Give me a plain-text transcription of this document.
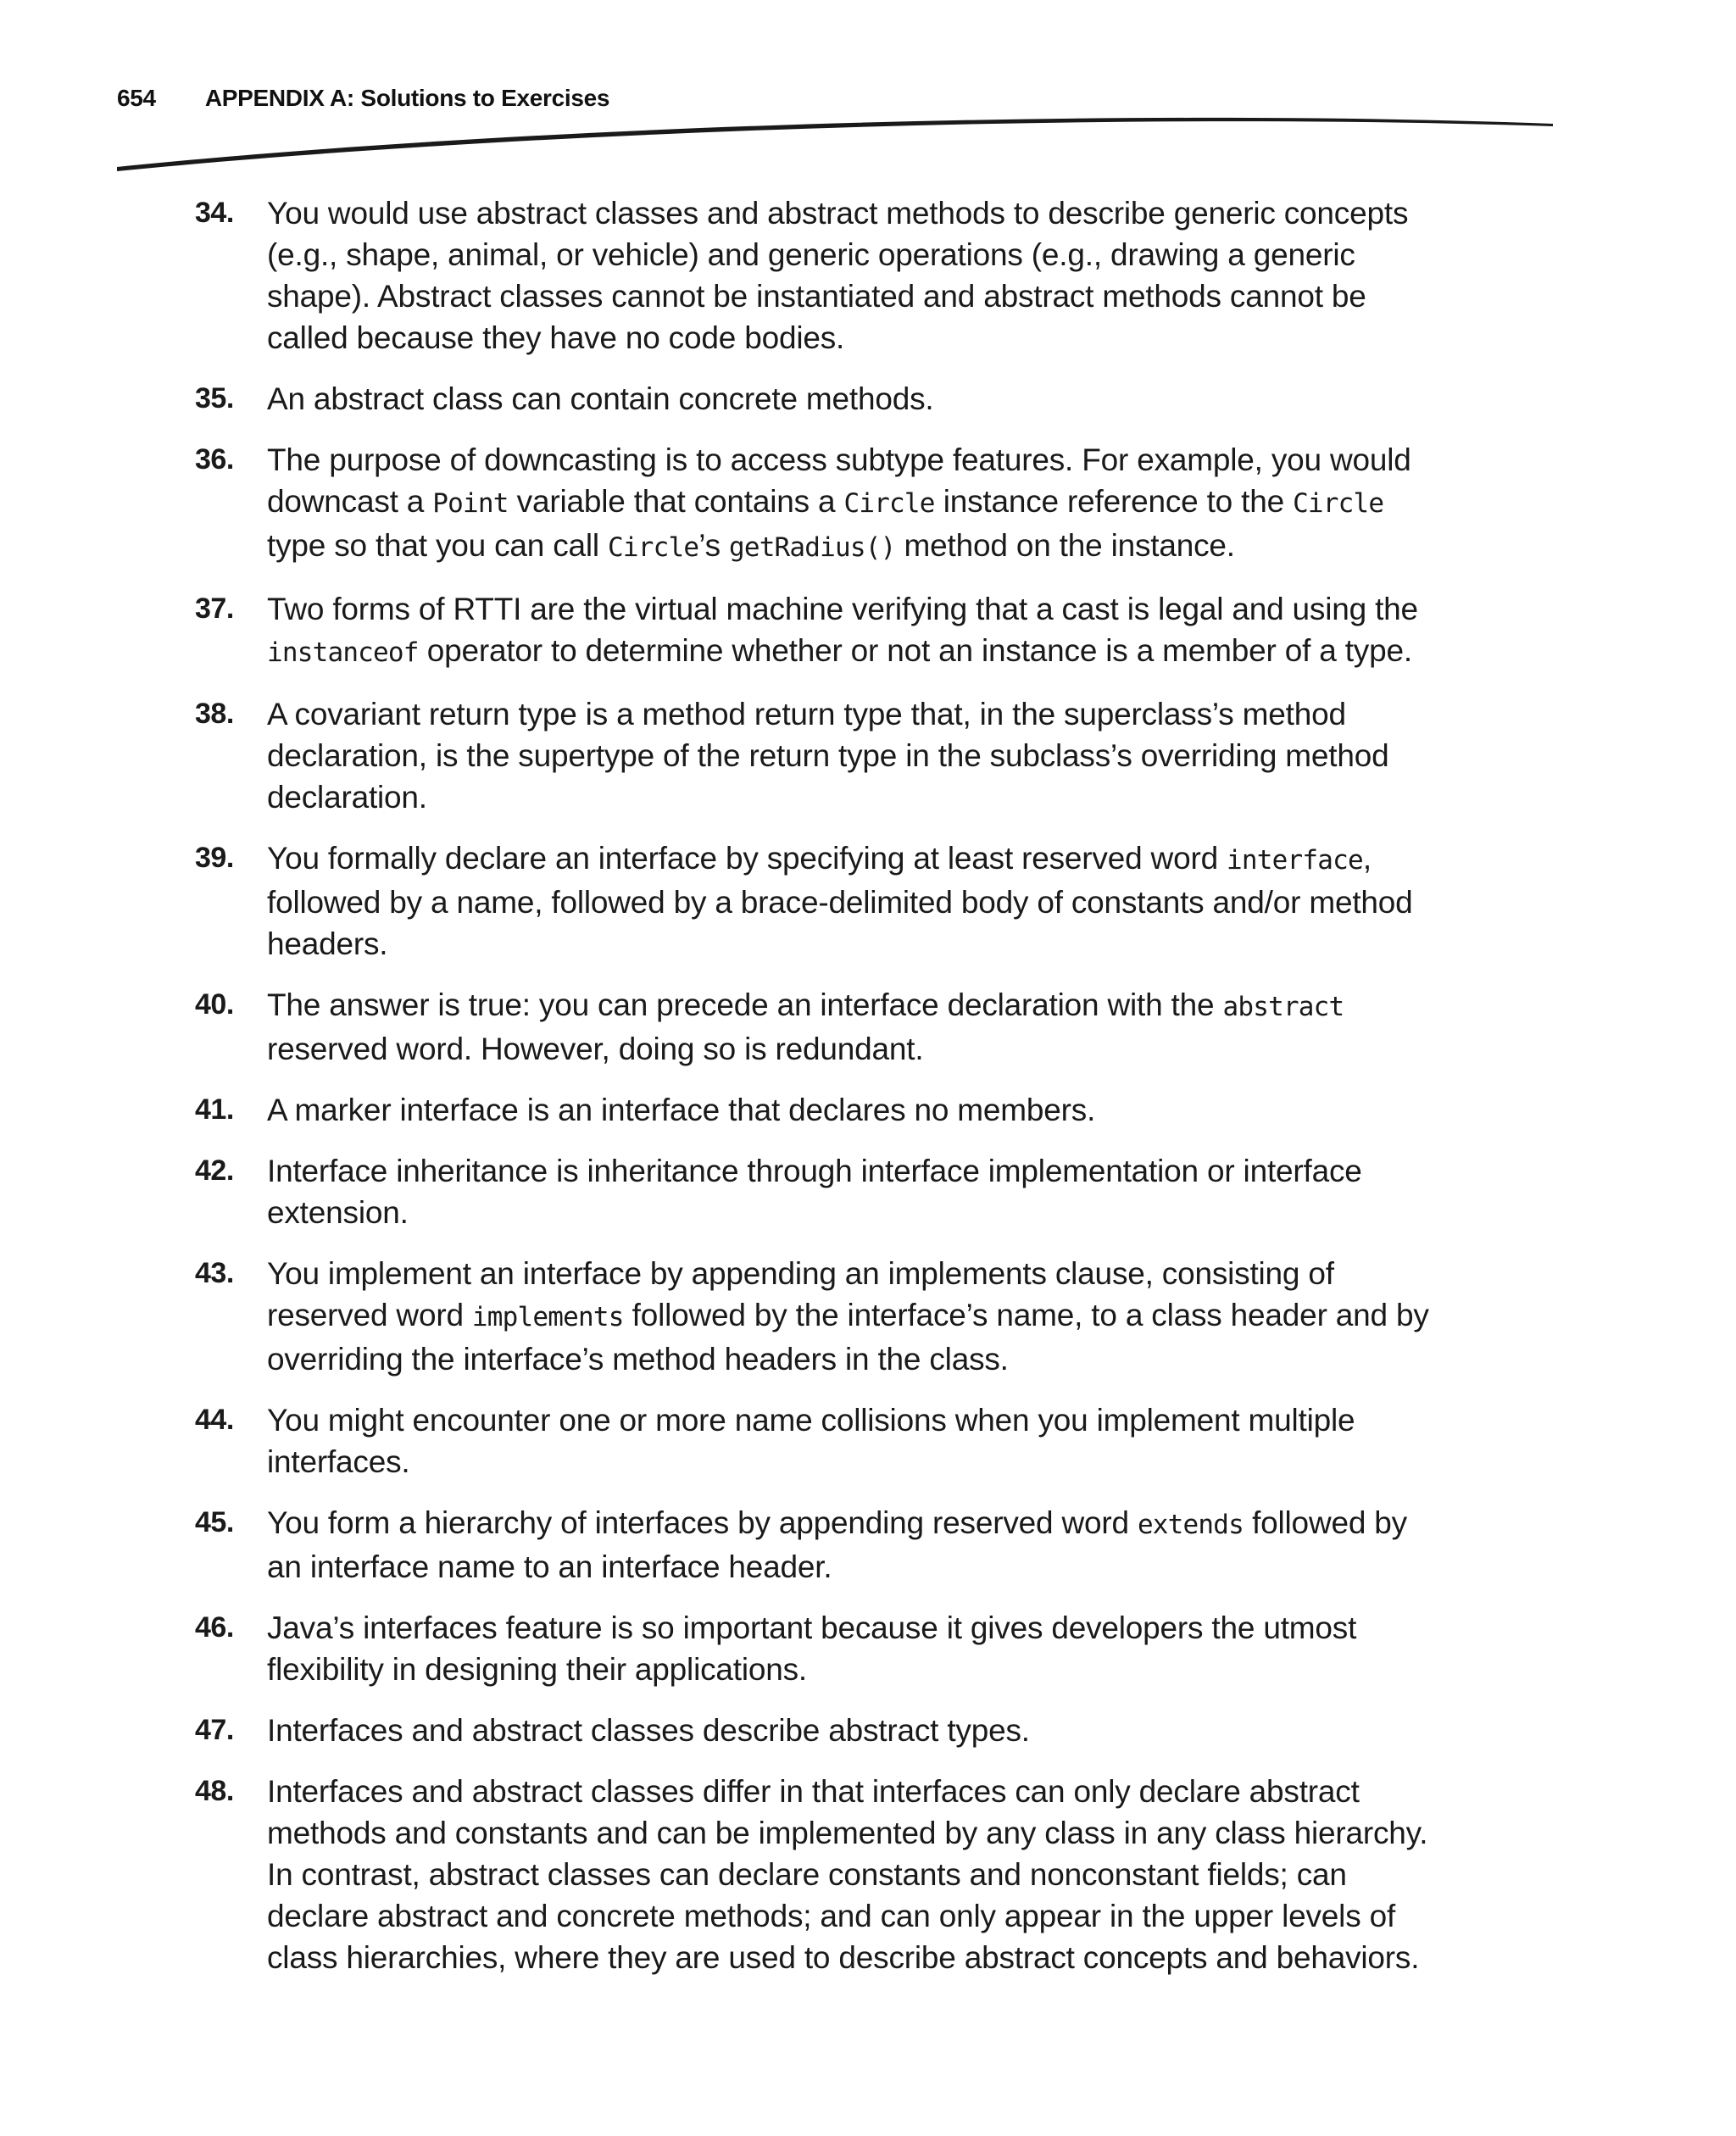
654 APPENDIX A: Solutions to Exercises
34.	You would use abstract classes and abstract methods to describe generic concepts (e.g., shape, animal, or vehicle) and generic operations (e.g., drawing a generic shape). Abstract classes cannot be instantiated and abstract methods cannot be called because they have no code bodies.
35.	An abstract class can contain concrete methods.
36.	The purpose of downcasting is to access subtype features. For example, you would downcast a Point variable that contains a Circle instance reference to the Circle type so that you can call Circle’s getRadius() method on the instance.
37.	Two forms of RTTI are the virtual machine verifying that a cast is legal and using the instanceof operator to determine whether or not an instance is a member of a type.
38.	A covariant return type is a method return type that, in the superclass’s method declaration, is the supertype of the return type in the subclass’s overriding method declaration.
39.	You formally declare an interface by specifying at least reserved word interface, followed by a name, followed by a brace-delimited body of constants and/or method headers.
40.	The answer is true: you can precede an interface declaration with the abstract reserved word. However, doing so is redundant.
41.	A marker interface is an interface that declares no members.
42.	Interface inheritance is inheritance through interface implementation or interface extension.
43.	You implement an interface by appending an implements clause, consisting of reserved word implements followed by the interface’s name, to a class header and by overriding the interface’s method headers in the class.
44.	You might encounter one or more name collisions when you implement multiple interfaces.
45.	You form a hierarchy of interfaces by appending reserved word extends followed by an interface name to an interface header.
46.	Java’s interfaces feature is so important because it gives developers the utmost flexibility in designing their applications.
47.	Interfaces and abstract classes describe abstract types.
48.	Interfaces and abstract classes differ in that interfaces can only declare abstract methods and constants and can be implemented by any class in any class hierarchy. In contrast, abstract classes can declare constants and nonconstant fields; can declare abstract and concrete methods; and can only appear in the upper levels of class hierarchies, where they are used to describe abstract concepts and behaviors.
